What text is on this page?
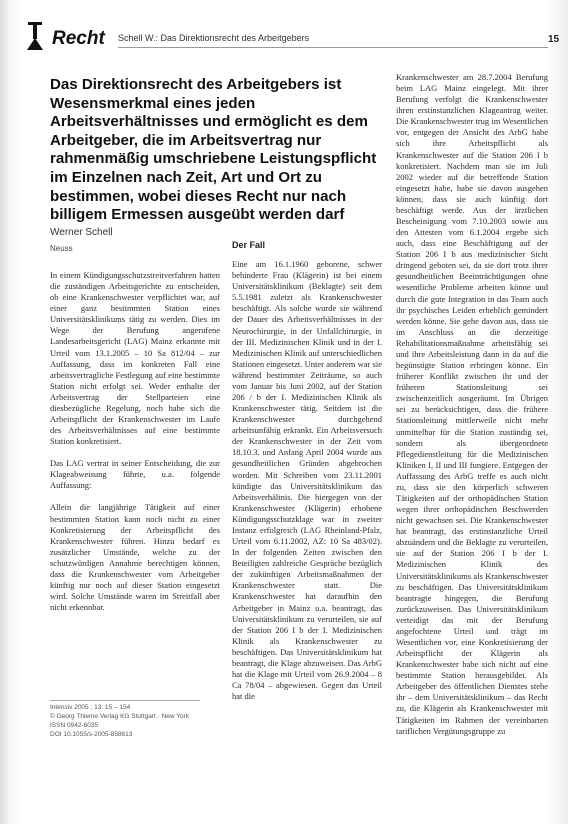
Recht Schell W.: Das Direktionsrecht des Arbeitgebers	15
Das Direktionsrecht des Arbeitgebers ist Wesensmerkmal eines jeden Arbeitsverhältnisses und ermöglicht es dem Arbeitgeber, die im Arbeitsvertrag nur rahmenmäßig umschriebene Leistungspflicht im Einzelnen nach Zeit, Art und Ort zu bestimmen, wobei dieses Recht nur nach billigem Ermessen ausgeübt werden darf
Werner Schell
Neuss

In einem Kündigungsschutzstreitverfahren hatten die zuständigen Arbeitsgerichte zu entscheiden, ob eine Krankenschwester verpflichtet war, auf einer ganz bestimmten Station eines Universitätsklinikums tätig zu werden. Dies im Wege der Berufung angerufene Landesarbeitsgericht (LAG) Mainz erkannte mit Urteil vom 13.1.2005 – 10 Sa 812/04 – zur Auffassung, dass im konkreten Fall eine arbeitsvertragliche Festlegung auf eine bestimmte Station nicht erfolgt sei. Weder enthalte der Arbeitsvertrag der Stellparteien eine diesbezügliche Regelung, noch habe sich die Arbeitspflicht der Krankenschwester im Laufe des Arbeitsverhältnisses auf eine bestimmte Station konkretisiert.

Das LAG vertrat in seiner Entscheidung, die zur Klageabweisung führte, u.a. folgende Auffassung:

Allein die langjährige Tätigkeit auf einer bestimmten Station kann noch nicht zu einer Konkretisierung der Arbeitspflicht des Krankenschwester führen. Hinzu bedarf es zusätzlicher Umstände, welche zu der schutzwürdigen Annahme berechtigen können, dass die Krankenschwester vom Arbeitgeber künftig nur noch auf dieser Station eingesetzt wird. Solche Umstände waren im Streitfall aber nicht erkennbar.

Der Fall

Eine am 16.1.1960 geborene, schwer behinderte Frau (Klägerin) ist bei einem Universitätsklinikum (Beklagte) seit dem 5.5.1981 zuletzt als Krankenschwester beschäftigt. Als solche wurde sie während der Dauer des Arbeitsverhältnisses in der Neurochirurgie, in der Unfallchirurgie, in der III. Medizinischen Klinik und in der I. Medizinischen Klinik auf unterschiedlichen Stationen eingesetzt. Unter anderem war sie während bestimmter Zeiträume, so auch vom Januar bis Juni 2002, auf der Station 206 / b der I. Medizinischen Klinik als Krankenschwester tätig. Seitdem ist die Krankenschwester durchgehend arbeitsunfähig erkrankt. Ein Arbeitsversuch der Krankenschwester in der Zeit vom 18.10.3. und Anfang April 2004 wurde aus gesundheitlichen Gründen abgebrochen worden. Mit Schreiben vom 23.11.2001 kündigte das Universitätsklinikum das Arbeitsverhältnis. Die hiergegen von der Krankenschwester (Klägerin) erhobene Kündigungsschutzklage war in zweiter Instanz erfolgreich (LAG Rheinland-Pfalz, Urteil vom 6.11.2002, AZ: 10 Sa 483/02). In der folgenden Zeiten zwischen den Beteiligten zahlreiche Gespräche bezüglich der zukünftigen Arbeitsmaßnahmen der Krankenschwester statt. Die Krankenschwester hat daraufhin den Arbeitgeber in Mainz u.a. beantragt, das Universitätsklinikum zu verurteilen, sie auf der Station 206 I b der I. Medizinischen Klinik als Krankenschwester zu beschäftigen. Das Universitätsklinikum hat beantragt, die Klage abzuweisen. Das ArbG hat die Klage mit Urteil vom 26.9.2004 – 8 Ca 78/04 – abgewiesen. Gegen das Urteil hat die

Krankenschwester am 28.7.2004 Berufung beim LAG Mainz eingelegt. Mit ihrer Berufung verfolgt die Krankenschwester ihren erstinstanzlichen Klageantrag weiter. Die Krankenschwester trug im Wesentlichen vor, entgegen der Ansicht des ArbG habe sich ihre Arbeitspflicht als Krankenschwester auf die Station 206 I b konkretisiert. Nachdem man sie im Juli 2002 wieder auf die betreffende Station eingesetzt habe, habe sie davon ausgehen können, dass sie auch künftig dort beschäftigt werde. Aus der ärztlichen Bescheinigung vom 7.10.2003 sowie aus den Attesten vom 6.1.2004 ergebe sich auch, dass eine Beschäftigung auf der Station 206 I b aus medizinischer Sicht dringend geboten sei, da sie dort trotz ihrer gesundheitlichen Beeinträchtigungen ohne wesentliche Probleme arbeiten könne und durch die gute Integration in das Team auch ihr psychisches Leiden erheblich gemindert werden könne. Sie gehe davon aus, dass sie im Anschluss an die derzeitige Rehabilitationsmaßnahme arbeitsfähig sei und ihre Arbeitsleistung dann in da auf die begünstigte Station erbringen könne. Ein früherer Konflikt zwischen ihr und der früheren Stationsleitung sei zwischenzeitlich ausgeräumt. Im Übrigen sei zu berücksichtigen, dass die frühere Stationsleitung mittlerweile nicht mehr unmittelbar für die Station zuständig sei, sondern als übergeordnete Pflegedienstleitung für die Medizinischen Kliniken I, II und III fungiere. Entgegen der Auffassung des ArbG treffe es auch nicht zu, dass sie den körperlich schweren Tätigkeiten auf der orthopädischen Station wegen ihrer orthopädischen Beschwerden nicht gewachsen sei. Die Krankenschwester hat beantragt, das erstinstanzliche Urteil abzuändern und die Beklagte zu verurteilen, sie auf der Station 206 I b der I. Medizinischen Klinik des Universitätsklinikums als Krankenschwester zu beschäftigen. Das Universitätsklinikum beantragte hingegen, die Berufung zurückzuweisen. Das Universitätsklinikum verteidigt das mit der Berufung angefochtene Urteil und trägt im Wesentlichen vor, eine Konkretisierung der Arbeitspflicht der Klägerin als Krankenschwester habe sich nicht auf eine bestimmte Station herausgebildet. Als Arbeitgeber des öffentlichen Dienstes stehe ihr – dem Universitätsklinikum – das Recht zu, die Klägerin als Krankenschwester mit Tätigkeiten im Rahmen der vereinbarten tariflichen Vergütungsgruppe zu

Intensiv 2005 ; 13: 15 – 154
© Georg Thieme Verlag KG Stuttgart · New York
ISSN 0942-6035
DOI 10.1055/s-2005-858613
